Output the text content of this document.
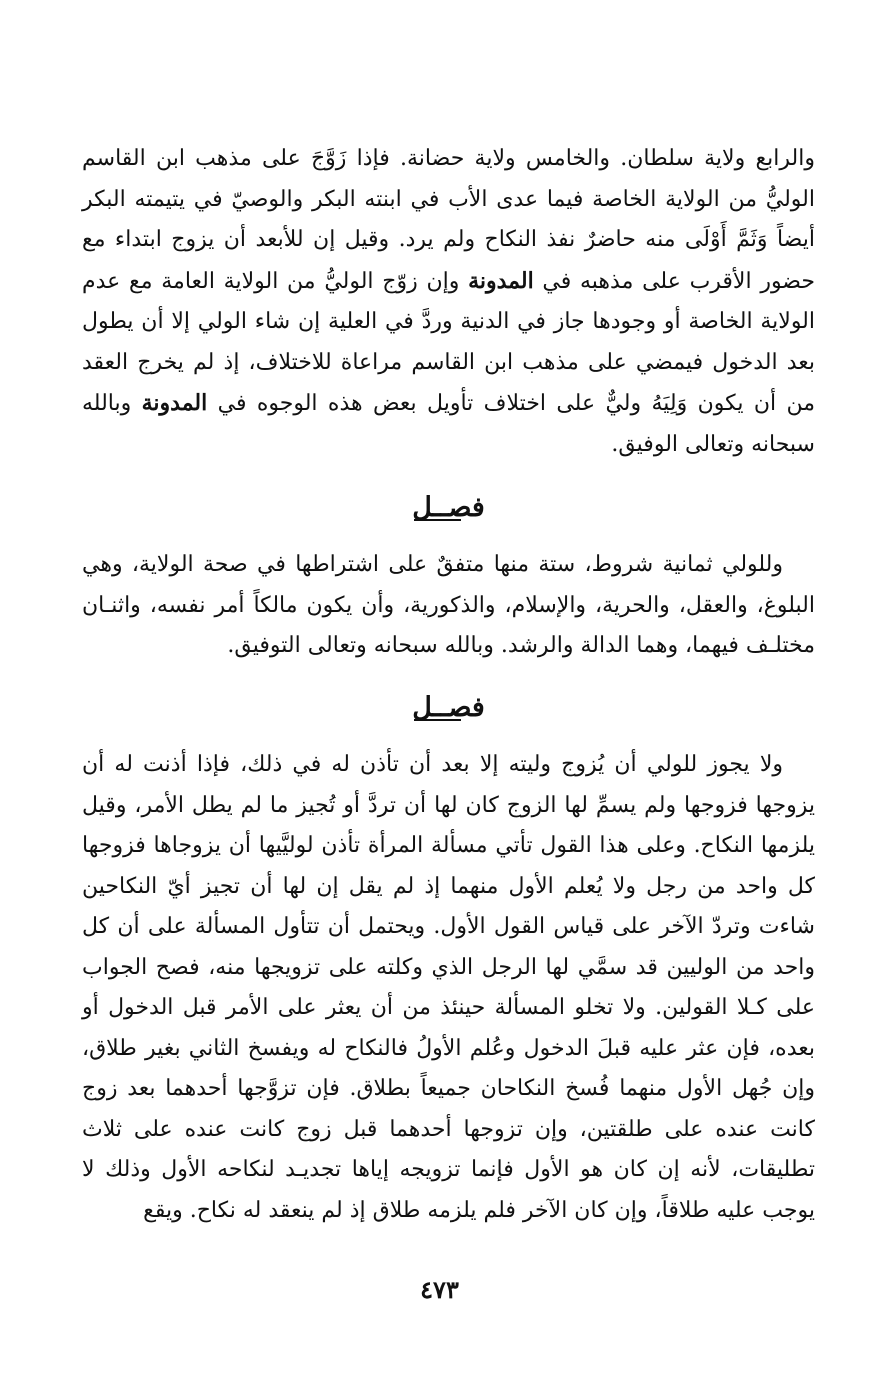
والرابع ولاية سلطان. والخامس ولاية حضانة. فإذا زَوَّجَ على مذهب ابن القاسم الوليُّ من الولاية الخاصة فيما عدى الأب في ابنته البكر والوصيّ في يتيمته البكر أيضاً وَثَمَّ أَوْلَى منه حاضرٌ نفذ النكاح ولم يرد. وقيل إن للأبعد أن يزوج ابتداء مع حضور الأقرب على مذهبه في المدونة وإن زوّج الوليُّ من الولاية العامة مع عدم الولاية الخاصة أو وجودها جاز في الدنية وردَّ في العلية إن شاء الولي إلا أن يطول بعد الدخول فيمضي على مذهب ابن القاسم مراعاة للاختلاف، إذ لم يخرج العقد من أن يكون وَلِيَهُ وليٌّ على اختلاف تأويل بعض هذه الوجوه في المدونة وبالله سبحانه وتعالى الوفيق.

فصــل

وللولي ثمانية شروط، ستة منها متفقٌ على اشتراطها في صحة الولاية، وهي البلوغ، والعقل، والحرية، والإسلام، والذكورية، وأن يكون مالكاً أمر نفسه، واثنـان مختلـف فيهما، وهما الدالة والرشد. وبالله سبحانه وتعالى التوفيق.

فصــل

ولا يجوز للولي أن يُزوج وليته إلا بعد أن تأذن له في ذلك، فإذا أذنت له أن يزوجها فزوجها ولم يسمِّ لها الزوج كان لها أن تردَّ أو تُجيز ما لم يطل الأمر، وقيل يلزمها النكاح. وعلى هذا القول تأتي مسألة المرأة تأذن لوليَّيها أن يزوجاها فزوجها كل واحد من رجل ولا يُعلم الأول منهما إذ لم يقل إن لها أن تجيز أيّ النكاحين شاءت وتردّ الآخر على قياس القول الأول. ويحتمل أن تتأول المسألة على أن كل واحد من الوليين قد سمَّي لها الرجل الذي وكلته على تزويجها منه، فصح الجواب على كـلا القولين. ولا تخلو المسألة حينئذ من أن يعثر على الأمر قبل الدخول أو بعده، فإن عثر عليه قبلَ الدخول وعُلم الأولُ فالنكاح له ويفسخ الثاني بغير طلاق، وإن جُهل الأول منهما فُسخ النكاحان جميعاً بطلاق. فإن تزوَّجها أحدهما بعد زوج كانت عنده على طلقتين، وإن تزوجها أحدهما قبل زوج كانت عنده على ثلاث تطليقات، لأنه إن كان هو الأول فإنما تزويجه إياها تجديـد لنكاحه الأول وذلك لا يوجب عليه طلاقاً، وإن كان الآخر فلم يلزمه طلاق إذ لم ينعقد له نكاح. ويقع

٤٧٣
